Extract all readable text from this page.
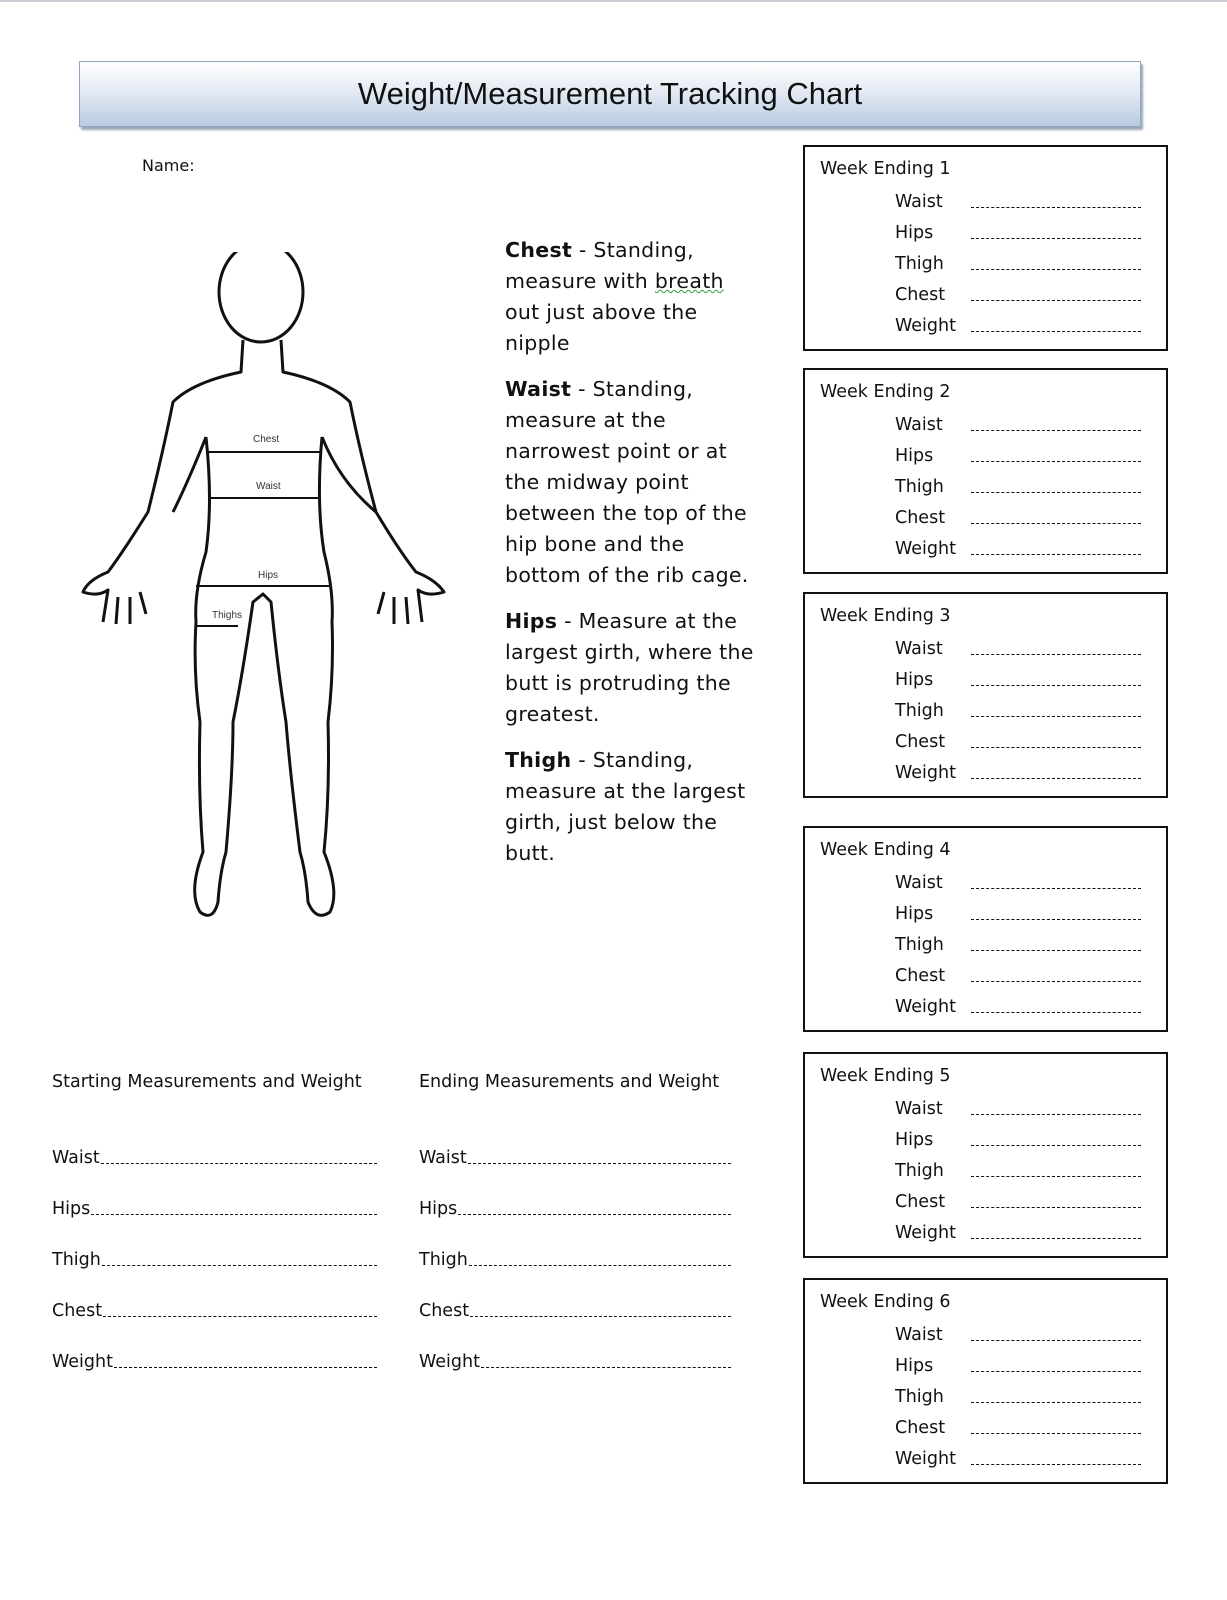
Weight/Measurement Tracking Chart
Name:
Chest
Waist
Hips
Thighs

Chest - Standing, measure with breath out just above the nipple

Waist - Standing, measure at the narrowest point or at the midway point between the top of the hip bone and the bottom of the rib cage.

Hips - Measure at the largest girth, where the butt is protruding the greatest.

Thigh - Standing, measure at the largest girth, just below the butt.

Week Ending 1
Waist
Hips
Thigh
Chest
Weight
Week Ending 2
Waist
Hips
Thigh
Chest
Weight
Week Ending 3
Waist
Hips
Thigh
Chest
Weight
Week Ending 4
Waist
Hips
Thigh
Chest
Weight
Week Ending 5
Waist
Hips
Thigh
Chest
Weight
Week Ending 6
Waist
Hips
Thigh
Chest
Weight
Starting Measurements and Weight
Waist
Hips
Thigh
Chest
Weight
Ending Measurements and Weight
Waist
Hips
Thigh
Chest
Weight
